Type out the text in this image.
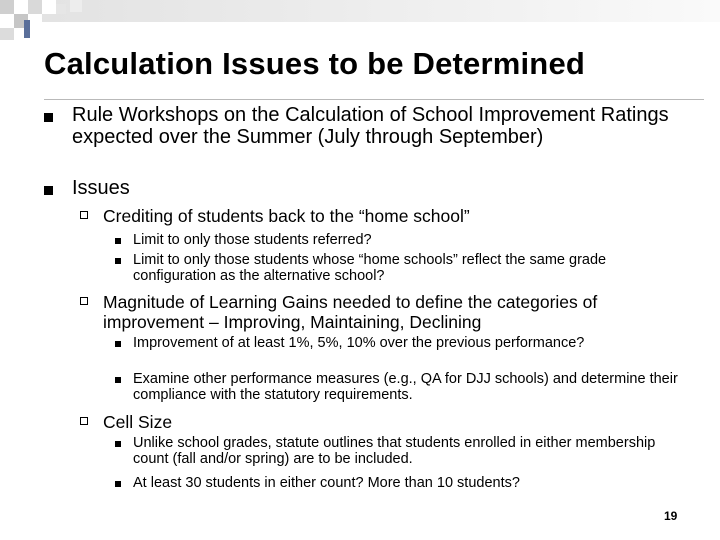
Calculation Issues to be Determined
Rule Workshops on the Calculation of School Improvement Ratings expected over the Summer (July through September)
Issues
Crediting of students back to the “home school”
Limit to only those students referred?
Limit to only those students whose “home schools” reflect the same grade configuration as the alternative school?
Magnitude of Learning Gains needed to define the categories of improvement – Improving, Maintaining, Declining
Improvement of at least 1%, 5%, 10% over the previous performance?
Examine other performance measures (e.g., QA for DJJ schools) and determine their compliance with the statutory requirements.
Cell Size
Unlike school grades, statute outlines that students enrolled in either membership count (fall and/or spring) are to be included.
At least 30 students in either count? More than 10 students?
19
